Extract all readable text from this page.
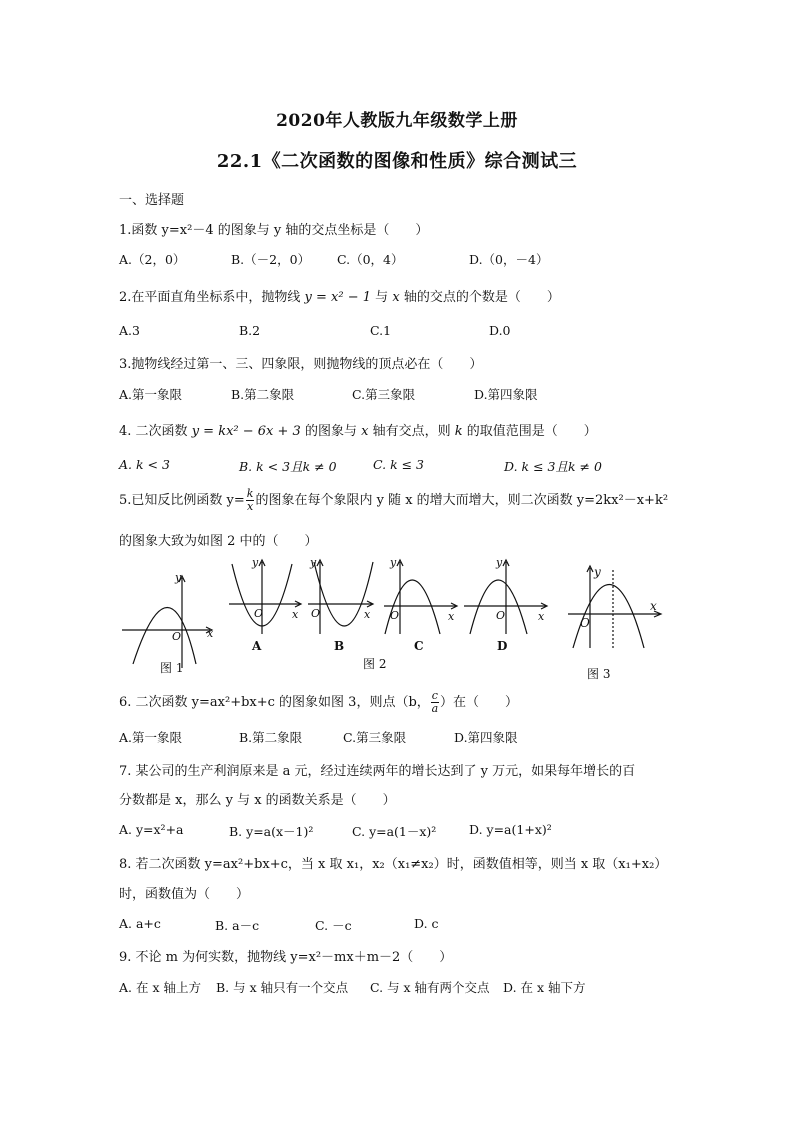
2020年人教版九年级数学上册
22.1《二次函数的图像和性质》综合测试三
一、选择题
1.函数 y=x²－4 的图象与 y 轴的交点坐标是（　　）
A.（2，0）	B.（－2，0） C.（0，4）	D.（0，－4）
2.在平面直角坐标系中，抛物线 y = x² − 1 与 x 轴的交点的个数是（　　）
A.3	B.2	C.1	D.0
3.抛物线经过第一、三、四象限，则抛物线的顶点必在（　　）
A.第一象限	B.第二象限	C.第三象限	D.第四象限
4. 二次函数 y = kx² − 6x + 3 的图象与 x 轴有交点，则 k 的取值范围是（　　）
A. k < 3	B. k < 3且k ≠ 0	C. k ≤ 3	D. k ≤ 3且k ≠ 0
5.已知反比例函数 $y= \frac{k}{x}$ 的图象在每个象限内 y 随 x 的增大而增大，则二次函数 y=2kx²－x+k²
的图象大致为如图 2 中的（　　）
y
x
O
y
x
O
y
x
O
y
x
O
y
x
O
y
x
O
A	B	C	D
图 1	图 2
图 3
6. 二次函数 y=ax²+bx+c 的图象如图 3，则点（b， $\frac{c}{a}$ ）在（　　）
A.第一象限	B.第二象限	C.第三象限	D.第四象限
7. 某公司的生产利润原来是 a 元，经过连续两年的增长达到了 y 万元，如果每年增长的百
分数都是 x，那么 y 与 x 的函数关系是（　　）
A. y=x²+a	B. y=a(x－1)²	C. y=a(1－x)²	D. y=a(1+x)²
8. 若二次函数 y=ax²+bx+c，当 x 取 x₁，x₂（x₁≠x₂）时，函数值相等，则当 x 取（x₁+x₂）
时，函数值为（　　）
A. a+c	B. a－c	C. －c	D. c
9. 不论 m 为何实数，抛物线 y=x²－mx＋m－2（　　）
A. 在 x 轴上方 B. 与 x 轴只有一个交点 C. 与 x 轴有两个交点 D. 在 x 轴下方
